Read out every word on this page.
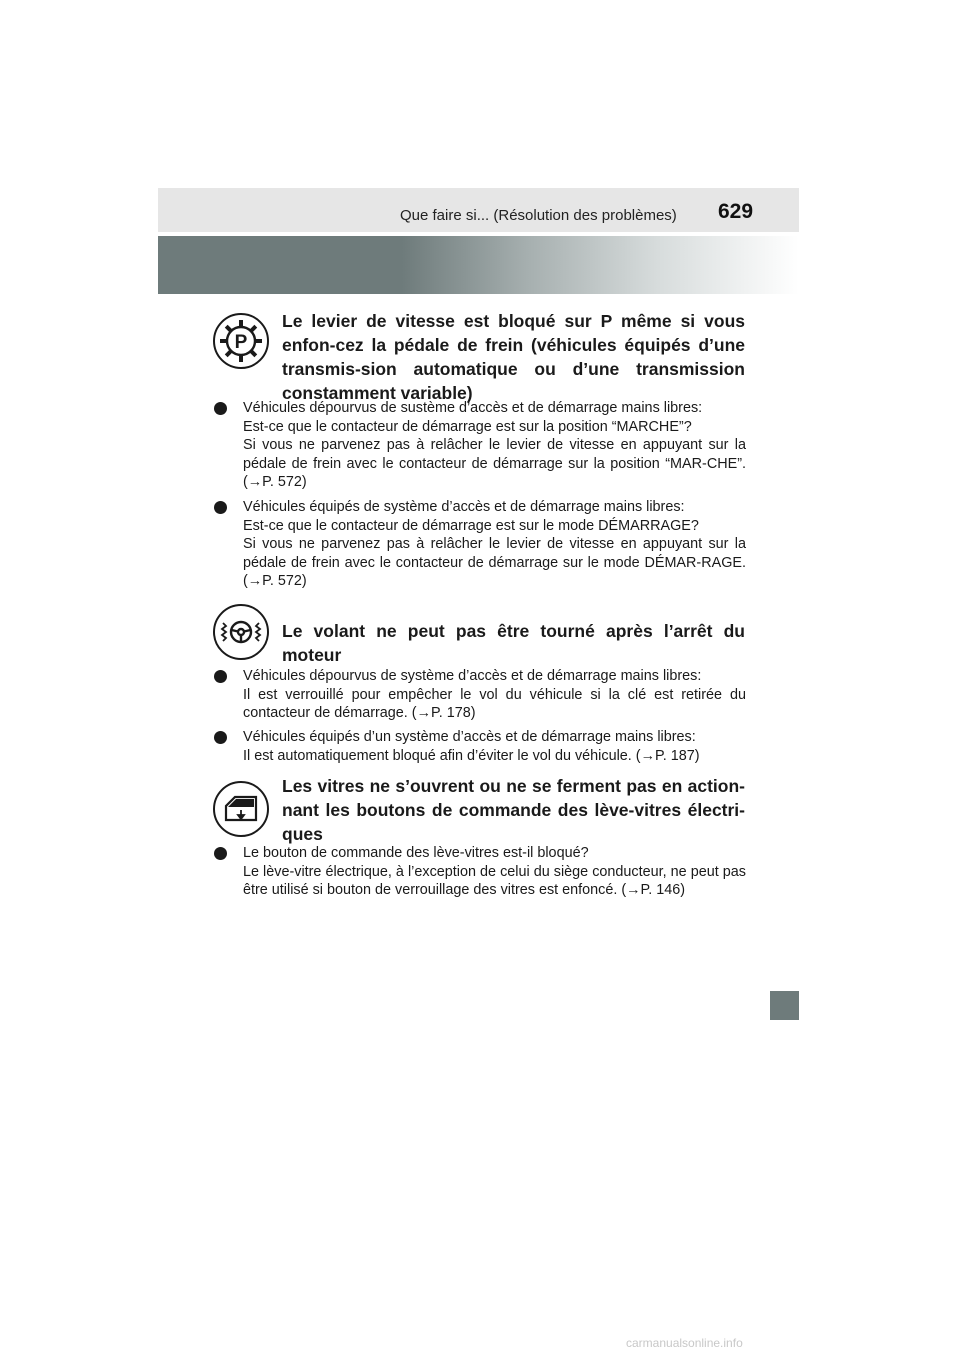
Que faire si... (Résolution des problèmes) 629
P
Le levier de vitesse est bloqué sur P même si vous enfon-cez la pédale de frein (véhicules équipés d’une transmis-sion automatique ou d’une transmission constamment variable)

Véhicules dépourvus de sustème d’accès et de démarrage mains libres:

Est-ce que le contacteur de démarrage est sur la position “MARCHE”?

Si vous ne parvenez pas à relâcher le levier de vitesse en appuyant sur la pédale de frein avec le contacteur de démarrage sur la position “MAR-CHE”. (→P. 572)

Véhicules équipés de système d’accès et de démarrage mains libres:

Est-ce que le contacteur de démarrage est sur le mode DÉMARRAGE?

Si vous ne parvenez pas à relâcher le levier de vitesse en appuyant sur la pédale de frein avec le contacteur de démarrage sur le mode DÉMAR-RAGE. (→P. 572)

Le volant ne peut pas être tourné après l’arrêt du moteur

Véhicules dépourvus de système d’accès et de démarrage mains libres:

Il est verrouillé pour empêcher le vol du véhicule si la clé est retirée du contacteur de démarrage. (→P. 178)

Véhicules équipés d’un système d’accès et de démarrage mains libres:

Il est automatiquement bloqué afin d’éviter le vol du véhicule. (→P. 187)

Les vitres ne s’ouvrent ou ne se ferment pas en action-nant les boutons de commande des lève-vitres électri-ques

Le bouton de commande des lève-vitres est-il bloqué?

Le lève-vitre électrique, à l’exception de celui du siège conducteur, ne peut pas être utilisé si bouton de verrouillage des vitres est enfoncé. (→P. 146)

carmanualsonline.info
